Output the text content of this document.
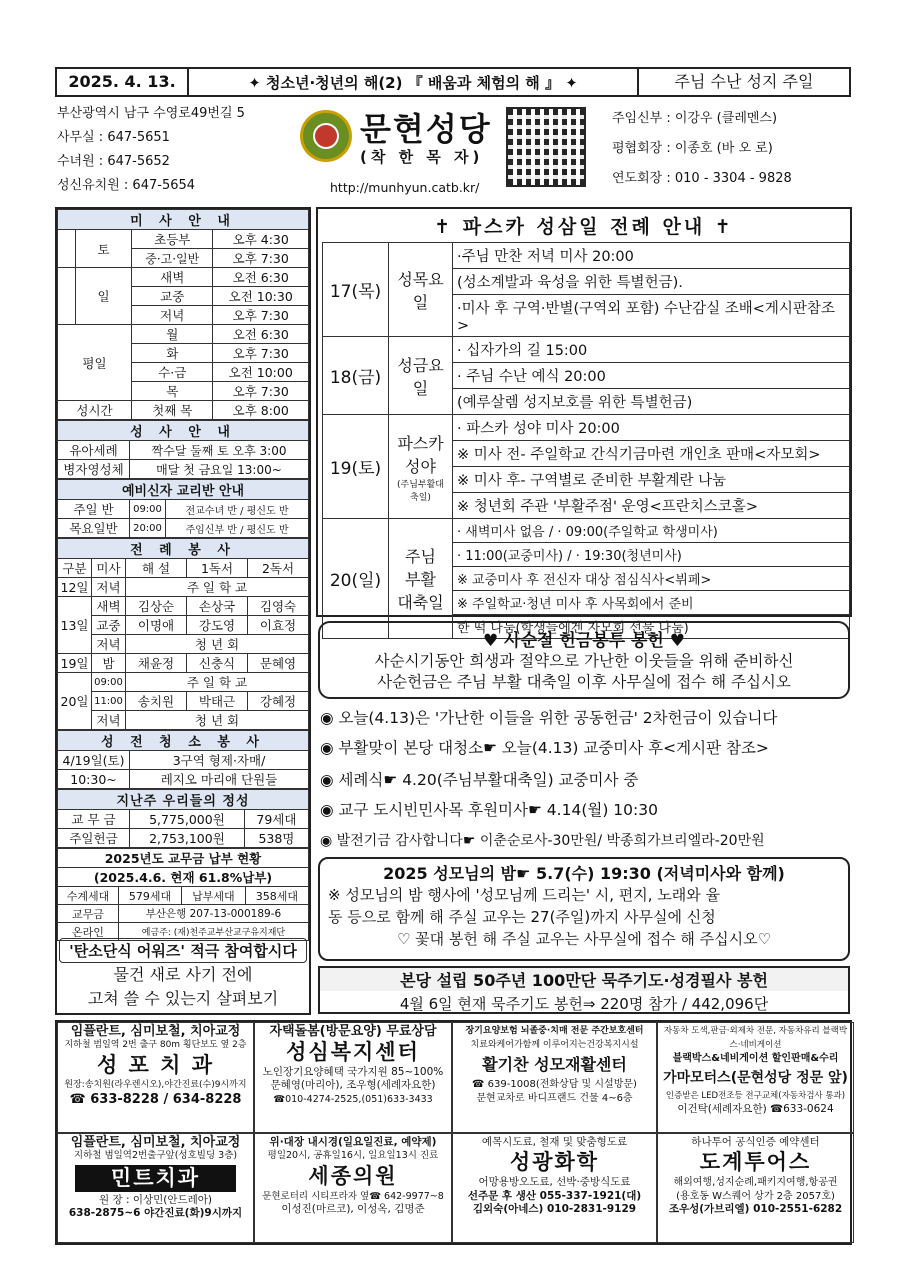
2025. 4. 13.	✦ 청소년·청년의 해(2) 『 배움과 체험의 해 』 ✦	주님 수난 성지 주일
부산광역시 남구 수영로49번길 5
사무실 : 647-5651
수녀원 : 647-5652
성신유치원 : 647-5654
문현성당
(착 한 목 자)
http://munhyun.catb.kr/
주임신부 : 이강우 (클레멘스)
평협회장 : 이종호 (바 오 로)
연도회장 : 010 - 3304 - 9828
미 사 안 내			
	토	초등부	오후 4:30
		중·고·일반	오후 7:30
	일	새벽	오전 6:30
		교중	오전 10:30
		저녁	오후 7:30
평일		월	오전 6:30
		화	오후 7:30
		수·금	오전 10:00
		목	오후 7:30
성시간		첫째 목	오후 8:00
성 사 안 내	
유아세례	짝수달 둘째 토 오후 3:00
병자영성체	매달 첫 금요일 13:00~
예비신자 교리반 안내		
주일 반	09:00	전교수녀 반 / 평신도 반
목요일반	20:00	주임신부 반 / 평신도 반
전 례 봉 사				
구분	미사	해 설	1독서	2독서
12일	저녁	주 일 학 교		
13일	새벽	김상순	손상국	김영숙
	교중	이명애	강도영	이효정
	저녁	청 년 회		
19일	밤	채윤정	신충식	문혜영
20일	09:00	주 일 학 교		
	11:00	송치원	박태근	강혜정
	저녁	청 년 회		
성 전 청 소 봉 사	
4/19일(토)	3구역 형제·자매/
10:30~	레지오 마리애 단원들
지난주 우리들의 정성		
교 무 금	5,775,000원	79세대
주일헌금	2,753,100원	538명
2025년도 교무금 납부 현황			
(2025.4.6. 현재 61.8%납부)			
수계세대	579세대	납부세대	358세대
교무금	부산은행 207-13-000189-6		
온라인	예금주: (재)천주교부산교구유지재단		
'탄소단식 어워즈' 적극 참여합시다
물건 새로 사기 전에
고쳐 쓸 수 있는지 살펴보기
✝ 파스카 성삼일 전례 안내 ✝
17(목)	성목요일	·주님 만찬 저녁 미사 20:00
		(성소계발과 육성을 위한 특별헌금).
		·미사 후 구역·반별(구역외 포함) 수난감실 조배<게시판참조>
18(금)	성금요일	· 십자가의 길 15:00
		· 주님 수난 예식 20:00
		(예루살렘 성지보호를 위한 특별헌금)
19(토)	파스카
성야
(주님부활대축일)	· 파스카 성야 미사 20:00
		※ 미사 전- 주일학교 간식기금마련 개인초 판매<자모회>
		※ 미사 후- 구역별로 준비한 부활계란 나눔
		※ 청년회 주관 '부활주점' 운영<프란치스코홀>
20(일)	주님
부활
대축일	· 새벽미사 없음 / · 09:00(주일학교 학생미사)
		· 11:00(교중미사) / · 19:30(청년미사)
		※ 교중미사 후 전신자 대상 점심식사<뷔페>
		※ 주일학교·청년 미사 후 사목회에서 준비
		한 떡 나눔(학생들에겐 자모회 선물 나눔)
♥ 사순절 헌금봉투 봉헌 ♥
사순시기동안 희생과 절약으로 가난한 이웃들을 위해 준비하신
사순헌금은 주님 부활 대축일 이후 사무실에 접수 해 주십시오
◉ 오늘(4.13)은 '가난한 이들을 위한 공동헌금' 2차헌금이 있습니다
◉ 부활맞이 본당 대청소☛ 오늘(4.13) 교중미사 후<게시판 참조>
◉ 세례식☛ 4.20(주님부활대축일) 교중미사 중
◉ 교구 도시빈민사목 후원미사☛ 4.14(월) 10:30
◉ 발전기금 감사합니다☛ 이춘순로사-30만원/ 박종희가브리엘라-20만원
2025 성모님의 밤☛ 5.7(수) 19:30 (저녁미사와 함께)
※ 성모님의 밤 행사에 '성모님께 드리는' 시, 편지, 노래와 율
동 등으로 함께 해 주실 교우는 27(주일)까지 사무실에 신청
♡ 꽃대 봉헌 해 주실 교우는 사무실에 접수 해 주십시오♡
본당 설립 50주년 100만단 묵주기도·성경필사 봉헌
4월 6일 현재 묵주기도 봉헌⇒ 220명 참가 / 442,096단
임플란트, 심미보철, 치아교정
지하철 범일역 2번 출구 80m 횡단보도 옆 2층
성 포 치 과
원장:송치원(라우렌시오),야간진료(수)9시까지
☎ 633-8228 / 634-8228
자택돌봄(방문요양) 무료상담
성심복지센터
노인장기요양혜택 국가지원 85~100%
문혜영(마리아), 조우형(세례자요한)
☎010-4274-2525,(051)633-3433
장기요양보험 뇌졸중·치매 전문 주간보호센터
치료와케어가함께 이루어지는건강복지시설
활기찬 성모재활센터
☎ 639-1008(전화상담 및 시설방문)
문현교차로 바디프랜드 건물 4~6층
자동차 도색,판금·외제차 전문, 자동차유리 블랙박스·네비게이션
블랙박스&네비게이션 할인판매&수리
가마모터스(문현성당 정문 앞)
인증받은 LED전조등 전구교체(자동차검사 통과)
이건탁(세례자요한) ☎633-0624
임플란트, 심미보철, 치아교정
지하철 범일역2번출구앞(성호빌딩 3층)
민트치과
원 장 : 이상민(안드레아)
638-2875~6 야간진료(화)9시까지
위·대장 내시경(일요일진료, 예약제)
평일20시, 공휴일16시, 일요일13시 진료
세종의원
문현로터리 시티프라자 옆☎ 642-9977~8
이성진(마르코), 이성옥, 김명준
예목시도료, 철재 및 맞춤형도료
성광화학
어망용방오도료, 선박·중방식도료
선주문 후 생산 055-337-1921(대)
김외숙(아네스) 010-2831-9129
하나투어 공식인증 예약센터
도계투어스
해외여행,성지순례,패키지여행,항공권
(용호동 W스퀘어 상가 2층 2057호)
조우성(가브리엘) 010-2551-6282
